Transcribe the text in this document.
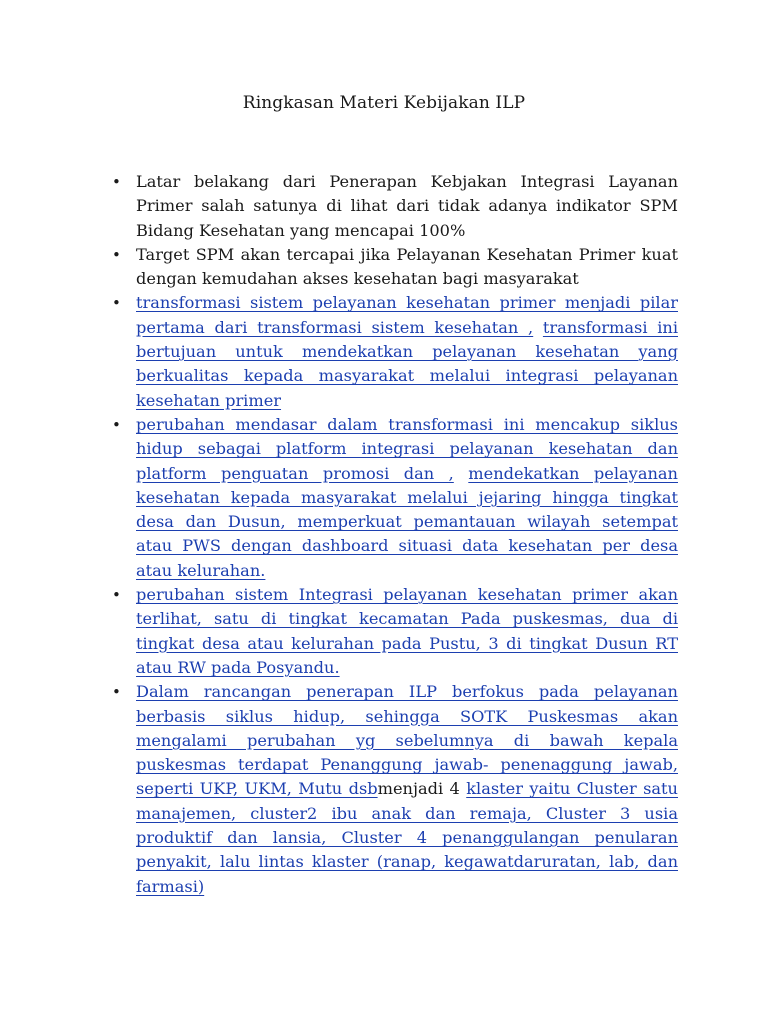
Ringkasan Materi Kebijakan ILP
• Latar belakang dari Penerapan Kebjakan Integrasi Layanan Primer salah satunya di lihat dari tidak adanya indikator SPM Bidang Kesehatan yang mencapai 100%
• Target SPM akan tercapai jika Pelayanan Kesehatan Primer kuat dengan kemudahan akses kesehatan bagi masyarakat
• transformasi sistem pelayanan kesehatan primer menjadi pilar pertama dari transformasi sistem kesehatan , transformasi ini bertujuan untuk mendekatkan pelayanan kesehatan yang berkualitas kepada masyarakat melalui integrasi pelayanan kesehatan primer
• perubahan mendasar dalam transformasi ini mencakup siklus hidup sebagai platform integrasi pelayanan kesehatan dan platform penguatan promosi dan , mendekatkan pelayanan kesehatan kepada masyarakat melalui jejaring hingga tingkat desa dan Dusun, memperkuat pemantauan wilayah setempat atau PWS dengan dashboard situasi data kesehatan per desa atau kelurahan.
• perubahan sistem Integrasi pelayanan kesehatan primer akan terlihat, satu di tingkat kecamatan Pada puskesmas, dua di tingkat desa atau kelurahan pada Pustu, 3 di tingkat Dusun RT atau RW pada Posyandu.
• Dalam rancangan penerapan ILP berfokus pada pelayanan berbasis siklus hidup, sehingga SOTK Puskesmas akan mengalami perubahan yg sebelumnya di bawah kepala puskesmas terdapat Penanggung jawab- penenaggung jawab, seperti UKP, UKM, Mutu dsbmenjadi 4 klaster yaitu Cluster satu manajemen, cluster2 ibu anak dan remaja, Cluster 3 usia produktif dan lansia, Cluster 4 penanggulangan penularan penyakit, lalu lintas klaster (ranap, kegawatdaruratan, lab, dan farmasi)
